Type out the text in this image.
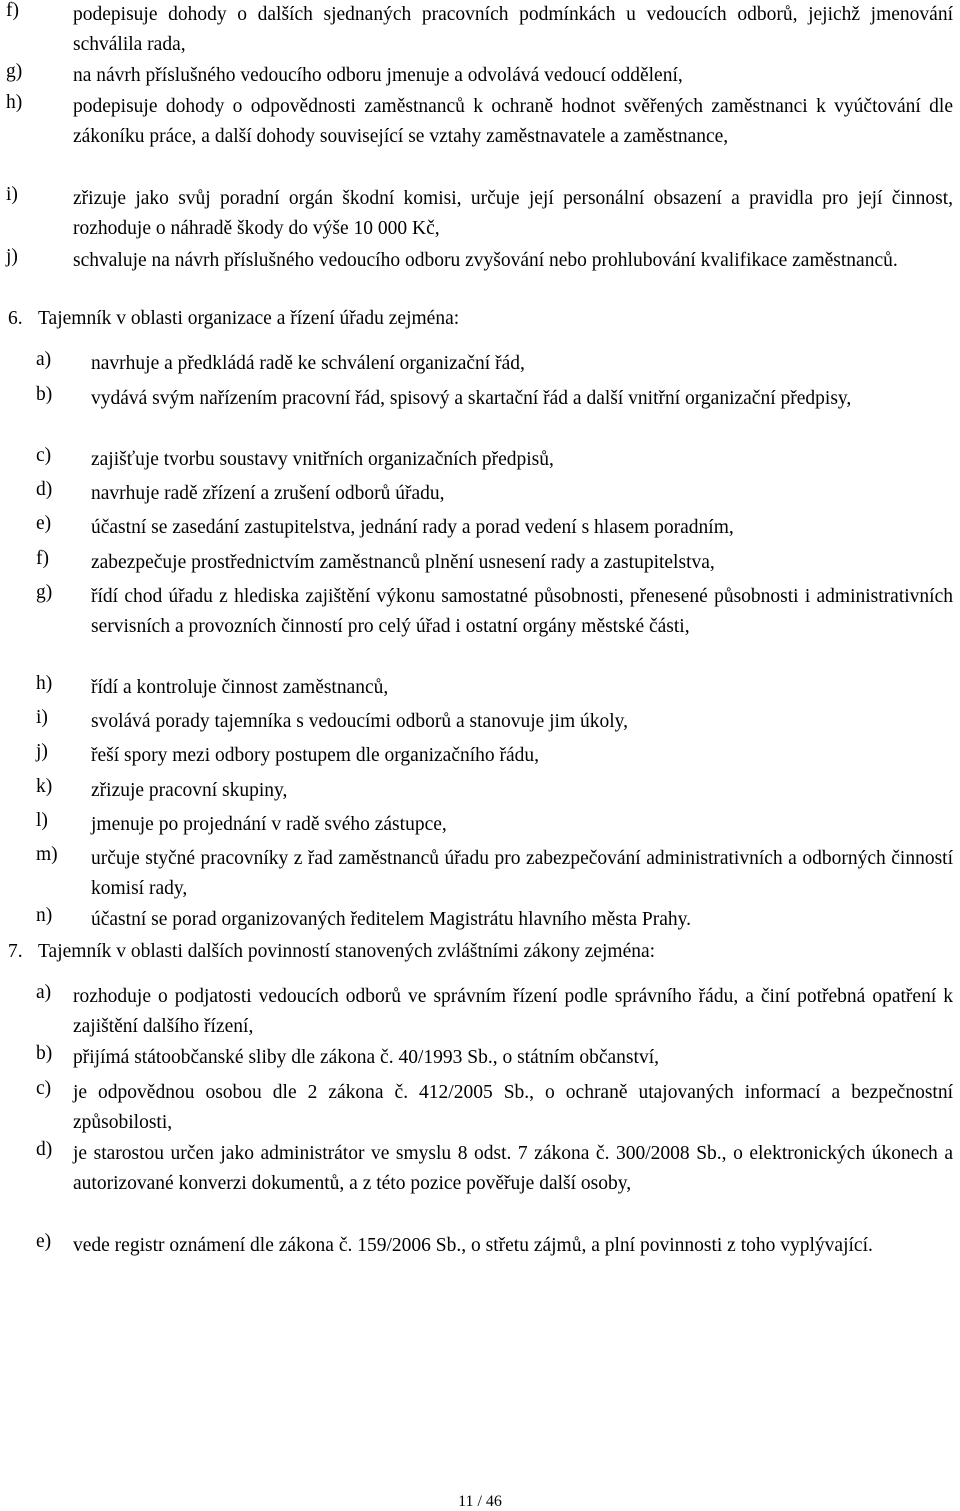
f)	podepisuje dohody o dalších sjednaných pracovních podmínkách u vedoucích odborů, jejichž jmenování schválila rada,
g)	na návrh příslušného vedoucího odboru jmenuje a odvolává vedoucí oddělení,
h)	podepisuje dohody o odpovědnosti zaměstnanců k ochraně hodnot svěřených zaměstnanci k vyúčtování dle zákoníku práce, a další dohody související se vztahy zaměstnavatele a zaměstnance,
i)	zřizuje jako svůj poradní orgán škodní komisi, určuje její personální obsazení a pravidla pro její činnost, rozhoduje o náhradě škody do výše 10 000 Kč,
j)	schvaluje na návrh příslušného vedoucího odboru zvyšování nebo prohlubování kvalifikace zaměstnanců.
6. Tajemník v oblasti organizace a řízení úřadu zejména:
a) navrhuje a předkládá radě ke schválení organizační řád,
b) vydává svým nařízením pracovní řád, spisový a skartační řád a další vnitřní organizační předpisy,
c) zajišťuje tvorbu soustavy vnitřních organizačních předpisů,
d) navrhuje radě zřízení a zrušení odborů úřadu,
e) účastní se zasedání zastupitelstva, jednání rady a porad vedení s hlasem poradním,
f) zabezpečuje prostřednictvím zaměstnanců plnění usnesení rady a zastupitelstva,
g) řídí chod úřadu z hlediska zajištění výkonu samostatné působnosti, přenesené působnosti i administrativních servisních a provozních činností pro celý úřad i ostatní orgány městské části,
h) řídí a kontroluje činnost zaměstnanců,
i) svolává porady tajemníka s vedoucími odborů a stanovuje jim úkoly,
j) řeší spory mezi odbory postupem dle organizačního řádu,
k) zřizuje pracovní skupiny,
l) jmenuje po projednání v radě svého zástupce,
m) určuje styčné pracovníky z řad zaměstnanců úřadu pro zabezpečování administrativních a odborných činností komisí rady,
n) účastní se porad organizovaných ředitelem Magistrátu hlavního města Prahy.
7. Tajemník v oblasti dalších povinností stanovených zvláštními zákony zejména:
a) rozhoduje o podjatosti vedoucích odborů ve správním řízení podle správního řádu, a činí potřebná opatření k zajištění dalšího řízení,
b) přijímá státoobčanské sliby dle zákona č. 40/1993 Sb., o státním občanství,
c) je odpovědnou osobou dle 2 zákona č. 412/2005 Sb., o ochraně utajovaných informací a bezpečnostní způsobilosti,
d) je starostou určen jako administrátor ve smyslu 8 odst. 7 zákona č. 300/2008 Sb., o elektronických úkonech a autorizované konverzi dokumentů, a z této pozice pověřuje další osoby,
e) vede registr oznámení dle zákona č. 159/2006 Sb., o střetu zájmů, a plní povinnosti z toho vyplývající.
11 / 46
